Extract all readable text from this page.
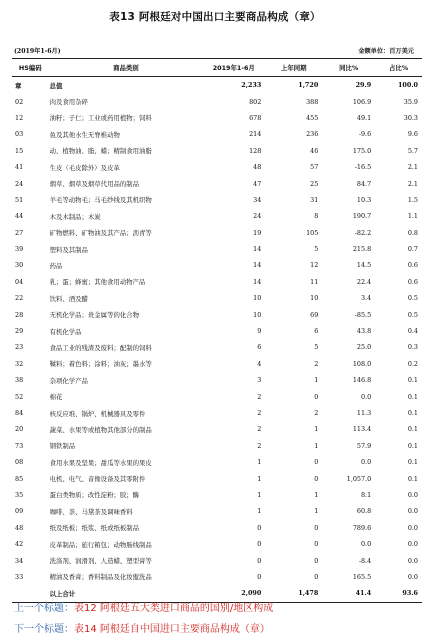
表13 阿根廷对中国出口主要商品构成（章）
(2019年1-6月)	金额单位：百万美元
HS编码	商品类别	2019年1-6月	上年同期	同比%	占比%
章	总值	2,233	1,720	29.9	100.0
02	肉及食用杂碎	802	388	106.9	35.9
12	油籽；子仁；工业或药用植物；饲料	678	455	49.1	30.3
03	鱼及其他水生无脊椎动物	214	236	-9.6	9.6
15	动、植物油、脂、蜡；精制食用油脂	128	46	175.0	5.7
41	生皮（毛皮除外）及皮革	48	57	-16.5	2.1
24	烟草、烟草及烟草代用品的制品	47	25	84.7	2.1
51	羊毛等动物毛；马毛纱线及其机织物	34	31	10.3	1.5
44	木及木制品；木炭	24	8	190.7	1.1
27	矿物燃料、矿物油及其产品；沥青等	19	105	-82.2	0.8
39	塑料及其制品	14	5	215.8	0.7
30	药品	14	12	14.5	0.6
04	乳；蛋；蜂蜜；其他食用动物产品	14	11	22.4	0.6
22	饮料、酒及醋	10	10	3.4	0.5
28	无机化学品；贵金属等的化合物	10	69	-85.5	0.5
29	有机化学品	9	6	43.8	0.4
23	食品工业的残渣及废料；配制的饲料	6	5	25.0	0.3
32	鞣料；着色料；涂料；油灰；墨水等	4	2	108.0	0.2
38	杂项化学产品	3	1	146.8	0.1
52	棉花	2	0	0.0	0.1
84	核反应堆、锅炉、机械器具及零件	2	2	11.3	0.1
20	蔬菜、水果等或植物其他部分的制品	2	1	113.4	0.1
73	钢铁制品	2	1	57.9	0.1
08	食用水果及坚果；甜瓜等水果的果皮	1	0	0.0	0.1
85	电机、电气、音像设备及其零附件	1	0	1,057.0	0.1
35	蛋白类物质；改性淀粉；胶；酶	1	1	8.1	0.0
09	咖啡、茶、马黛茶及调味香料	1	1	60.8	0.0
48	纸及纸板；纸浆、纸或纸板制品	0	0	789.6	0.0
42	皮革制品；旅行箱包；动物肠线制品	0	0	0.0	0.0
34	洗涤剂、润滑剂、人造蜡、塑型膏等	0	0	-8.4	0.0
33	精油及香膏；香料制品及化妆盥洗品	0	0	165.5	0.0
	以上合计	2,090	1,478	41.4	93.6
上一个标题：表12 阿根廷五大类进口商品的国别/地区构成
下一个标题：表14 阿根廷自中国进口主要商品构成（章）
